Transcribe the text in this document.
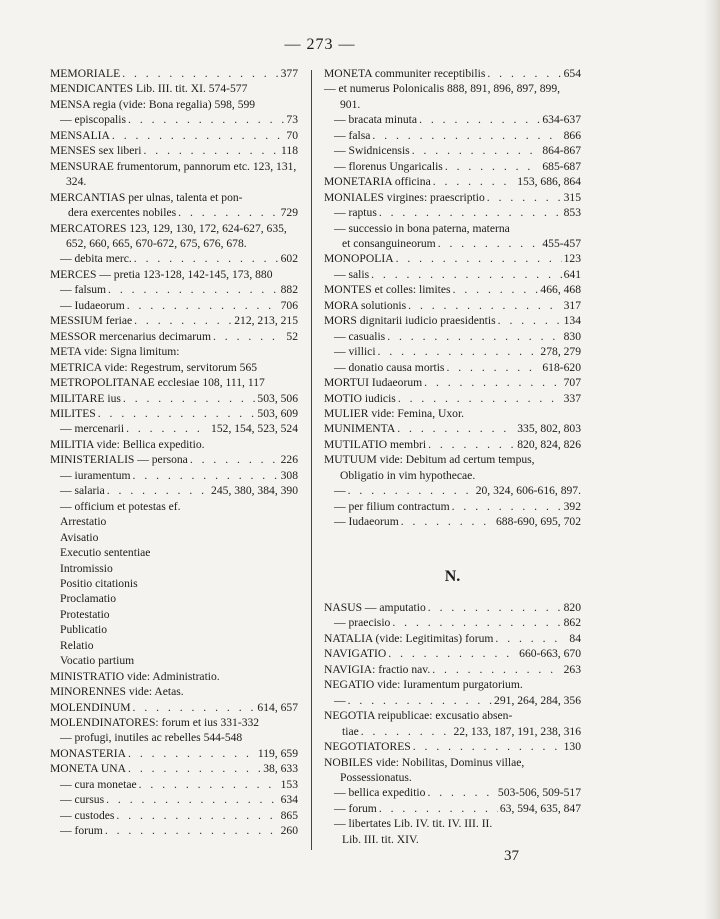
— 273 —
MEMORIALE . . .	377
MENDICANTES Lib. III. tit. XI. 574-577
MENSA regia (vide: Bona regalia) 598, 599
— episcopalis . . .	73
MENSALIA . . .	70
MENSES sex liberi . . .	118
MENSURAE frumentorum, pannorum etc. 123, 131, 324.
MERCANTIAS per ulnas, talenta et pon-
dera exercentes nobiles . . .	729
MERCATORES 123, 129, 130, 172, 624-627, 635, 652, 660, 665, 670-672, 675, 676, 678.
— debita merc. . . .	602
MERCES — pretia 123-128, 142-145, 173, 880
— falsum . . .	882
— Iudaeorum . . .	706
MESSIUM feriae . . .	212, 213, 215
MESSOR mercenarius decimarum . . .	52
META vide: Signa limitum:
METRICA vide: Regestrum, servitorum 565
METROPOLITANAE ecclesiae 108, 111, 117
MILITARE ius . . .	503, 506
MILITES . . .	503, 609
— mercenarii . . .	152, 154, 523, 524
MILITIA vide: Bellica expeditio.
MINISTERIALIS — persona . . .	226
— iuramentum . . .	308
— salaria . . .	245, 380, 384, 390
— officium et potestas ef.
Arrestatio
Avisatio
Executio sententiae
Intromissio
Positio citationis
Proclamatio
Protestatio
Publicatio
Relatio
Vocatio partium
MINISTRATIO vide: Administratio.
MINORENNES vide: Aetas.
MOLENDINUM . . .	614, 657
MOLENDINATORES: forum et ius 331-332
— profugi, inutiles ac rebelles 544-548
MONASTERIA . . .	119, 659
MONETA UNA . . .	38, 633
— cura monetae . . .	153
— cursus . . .	634
— custodes . . .	865
— forum . . .	260
MONETA communiter receptibilis . . .	654
— et numerus Polonicalis 888, 891, 896, 897, 899, 901.
— bracata minuta . . .	634-637
— falsa . . .	866
— Swidnicensis . . .	864-867
— florenus Ungaricalis . . .	685-687
MONETARIA officina . . .	153, 686, 864
MONIALES virgines: praescriptio . . .	315
— raptus . . .	853
— successio in bona paterna, materna
et consanguineorum . . .	455-457
MONOPOLIA . . .	123
— salis . . .	641
MONTES et colles: limites . . .	466, 468
MORA solutionis . . .	317
MORS dignitarii iudicio praesidentis . . .	134
— casualis . . .	830
— villici . . .	278, 279
— donatio causa mortis . . .	618-620
MORTUI Iudaeorum . . .	707
MOTIO iudicis . . .	337
MULIER vide: Femina, Uxor.
MUNIMENTA . . .	335, 802, 803
MUTILATIO membri . . .	820, 824, 826
MUTUUM vide: Debitum ad certum tempus, Obligatio in vim hypothecae.
— . . .	20, 324, 606-616, 897.
— per filium contractum . . .	392
— Iudaeorum . . .	688-690, 695, 702
N.
NASUS — amputatio . . .	820
— praecisio . . .	862
NATALIA (vide: Legitimitas) forum . . .	84
NAVIGATIO . . .	660-663, 670
NAVIGIA: fractio nav. . . .	263
NEGATIO vide: Iuramentum purgatorium.
— . . .	291, 264, 284, 356
NEGOTIA reipublicae: excusatio absen-
tiae . . .	22, 133, 187, 191, 238, 316
NEGOTIATORES . . .	130
NOBILES vide: Nobilitas, Dominus villae, Possessionatus.
— bellica expeditio . . .	503-506, 509-517
— forum . . .	63, 594, 635, 847
— libertates Lib. IV. tit. IV. III. II.
Lib. III. tit. XIV.
37
